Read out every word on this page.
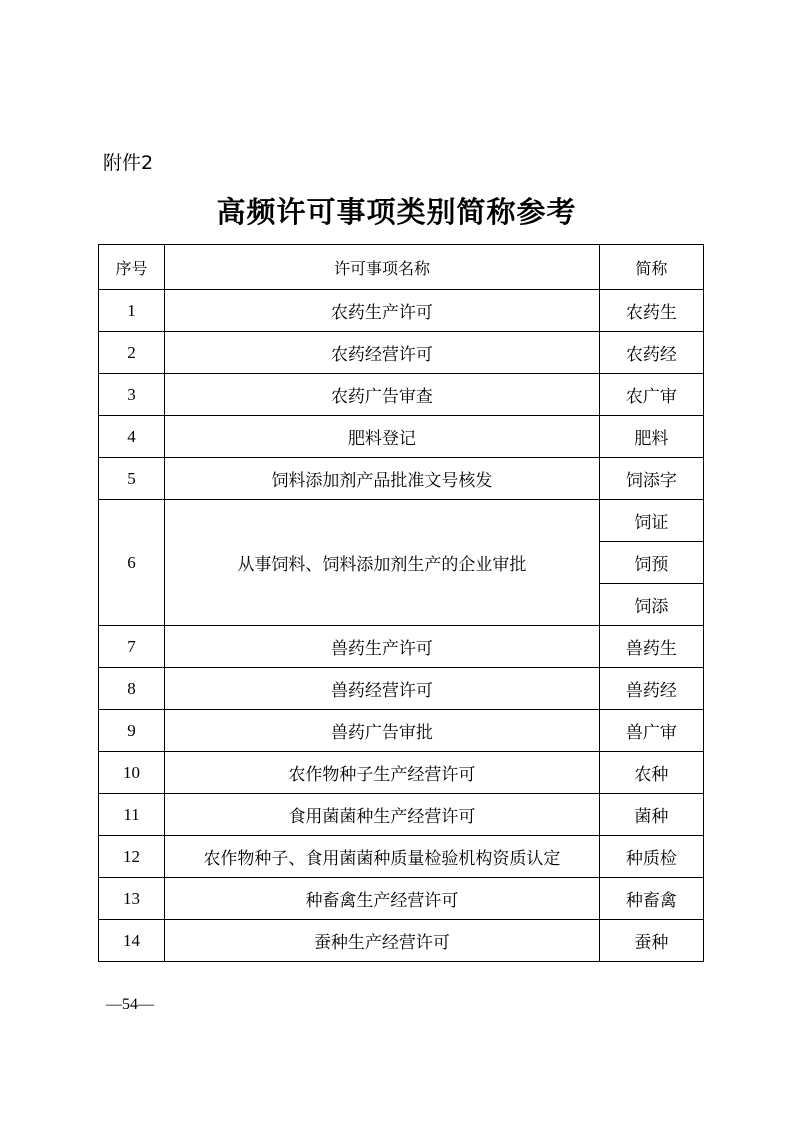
附件2
高频许可事项类别简称参考
序号	许可事项名称	简称
1	农药生产许可	农药生
2	农药经营许可	农药经
3	农药广告审查	农广审
4	肥料登记	肥料
5	饲料添加剂产品批准文号核发	饲添字
6	从事饲料、饲料添加剂生产的企业审批	饲证
		饲预
		饲添
7	兽药生产许可	兽药生
8	兽药经营许可	兽药经
9	兽药广告审批	兽广审
10	农作物种子生产经营许可	农种
11	食用菌菌种生产经营许可	菌种
12	农作物种子、食用菌菌种质量检验机构资质认定	种质检
13	种畜禽生产经营许可	种畜禽
14	蚕种生产经营许可	蚕种
—54—
